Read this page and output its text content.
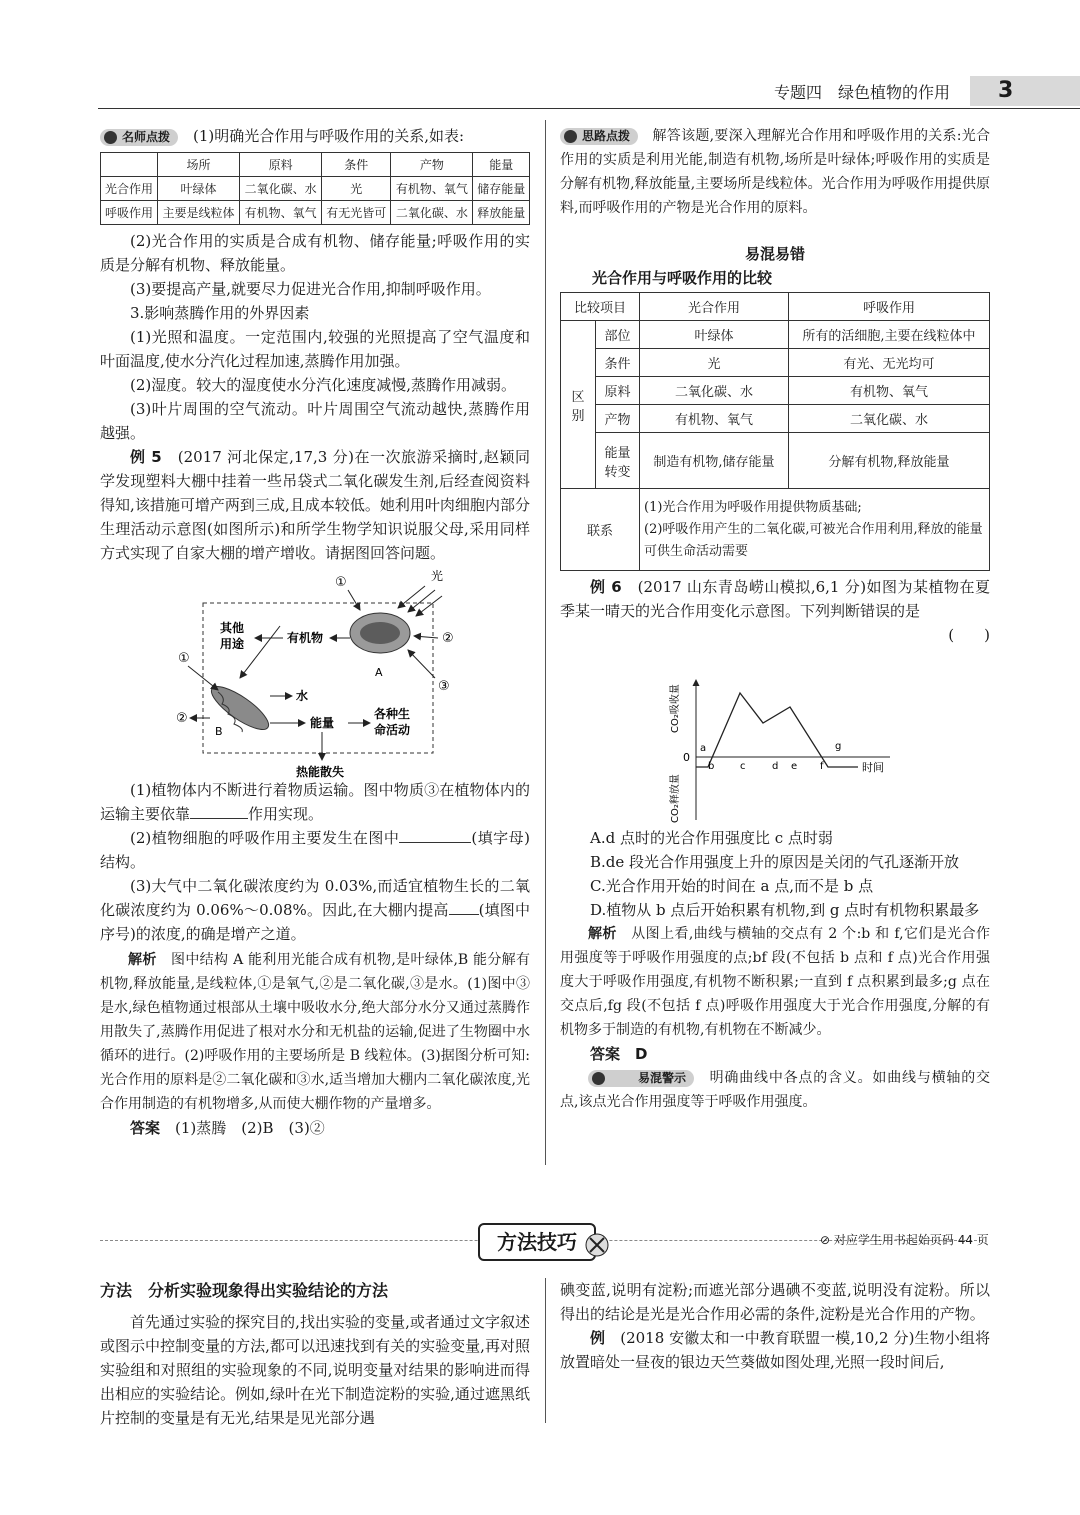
专题四　绿色植物的作用	3

名师点拨　 (1)明确光合作用与呼吸作用的关系,如表:

	场所	原料	条件	产物	能量
光合作用	叶绿体	二氧化碳、水	光	有机物、氧气	储存能量
呼吸作用	主要是线粒体	有机物、氧气	有无光皆可	二氧化碳、水	释放能量

(2)光合作用的实质是合成有机物、储存能量;呼吸作用的实质是分解有机物、释放能量。

(3)要提高产量,就要尽力促进光合作用,抑制呼吸作用。

3.影响蒸腾作用的外界因素

(1)光照和温度。一定范围内,较强的光照提高了空气温度和叶面温度,使水分汽化过程加速,蒸腾作用加强。

(2)湿度。较大的湿度使水分汽化速度减慢,蒸腾作用减弱。

(3)叶片周围的空气流动。叶片周围空气流动越快,蒸腾作用越强。

例 5　 (2017 河北保定,17,3 分)在一次旅游采摘时,赵颖同学发现塑料大棚中挂着一些吊袋式二氧化碳发生剂,后经查阅资料得知,该措施可增产两到三成,且成本较低。她利用叶肉细胞内部分生理活动示意图(如图所示)和所学生物学知识说服父母,采用同样方式实现了自家大棚的增产增收。请据图回答问题。

光
①
②
③
A
有机物
其他
用途
①
②
B
水
能量
各种生
命活动
热能散失

(1)植物体内不断进行着物质运输。图中物质③在植物体内的运输主要依靠	作用实现。

(2)植物细胞的呼吸作用主要发生在图中	(填字母)结构。

(3)大气中二氧化碳浓度约为 0.03%,而适宜植物生长的二氧化碳浓度约为 0.06%～0.08%。因此,在大棚内提高 (填图中序号)的浓度,的确是增产之道。

解析　 图中结构 A 能利用光能合成有机物,是叶绿体,B 能分解有机物,释放能量,是线粒体,①是氧气,②是二氧化碳,③是水。(1)图中③是水,绿色植物通过根部从土壤中吸收水分,绝大部分水分又通过蒸腾作用散失了,蒸腾作用促进了根对水分和无机盐的运输,促进了生物圈中水循环的进行。(2)呼吸作用的主要场所是 B 线粒体。(3)据图分析可知:光合作用的原料是②二氧化碳和③水,适当增加大棚内二氧化碳浓度,光合作用制造的有机物增多,从而使大棚作物的产量增多。

答案　 (1)蒸腾　(2)B　(3)②

思路点拨　 解答该题,要深入理解光合作用和呼吸作用的关系:光合作用的实质是利用光能,制造有机物,场所是叶绿体;呼吸作用的实质是分解有机物,释放能量,主要场所是线粒体。光合作用为呼吸作用提供原料,而呼吸作用的产物是光合作用的原料。

易混易错

光合作用与呼吸作用的比较

比较项目		光合作用	呼吸作用
区别	部位	叶绿体	所有的活细胞,主要在线粒体中
	条件	光	有光、无光均可
	原料	二氧化碳、水	有机物、氧气
	产物	有机物、氧气	二氧化碳、水
	能量转变	制造有机物,储存能量	分解有机物,释放能量
联系		(1)光合作用为呼吸作用提供物质基础;
(2)呼吸作用产生的二氧化碳,可被光合作用利用,释放的能量可供生命活动需要	

例 6　 (2017 山东青岛崂山模拟,6,1 分)如图为某植物在夏季某一晴天的光合作用变化示意图。下列判断错误的是

(　　)

CO₂吸收量
CO₂释放量
0
时间
a
b	c	d e f
g

A.d 点时的光合作用强度比 c 点时弱

B.de 段光合作用强度上升的原因是关闭的气孔逐渐开放

C.光合作用开始的时间在 a 点,而不是 b 点

D.植物从 b 点后开始积累有机物,到 g 点时有机物积累最多

解析　 从图上看,曲线与横轴的交点有 2 个:b 和 f,它们是光合作用强度等于呼吸作用强度的点;bf 段(不包括 b 点和 f 点)光合作用强度大于呼吸作用强度,有机物不断积累;一直到 f 点积累到最多;g 点在交点后,fg 段(不包括 f 点)呼吸作用强度大于光合作用强度,分解的有机物多于制造的有机物,有机物在不断减少。

答案　 D

易混警示　 明确曲线中各点的含义。如曲线与横轴的交点,该点光合作用强度等于呼吸作用强度。

方法技巧	⊘ 对应学生用书起始页码 44 页

方法　 分析实验现象得出实验结论的方法

首先通过实验的探究目的,找出实验的变量,或者通过文字叙述或图示中控制变量的方法,都可以迅速找到有关的实验变量,再对照实验组和对照组的实验现象的不同,说明变量对结果的影响进而得出相应的实验结论。例如,绿叶在光下制造淀粉的实验,通过遮黑纸片控制的变量是有无光,结果是见光部分遇

碘变蓝,说明有淀粉;而遮光部分遇碘不变蓝,说明没有淀粉。所以得出的结论是光是光合作用必需的条件,淀粉是光合作用的产物。

例　 (2018 安徽太和一中教育联盟一模,10,2 分)生物小组将放置暗处一昼夜的银边天竺葵做如图处理,光照一段时间后,
